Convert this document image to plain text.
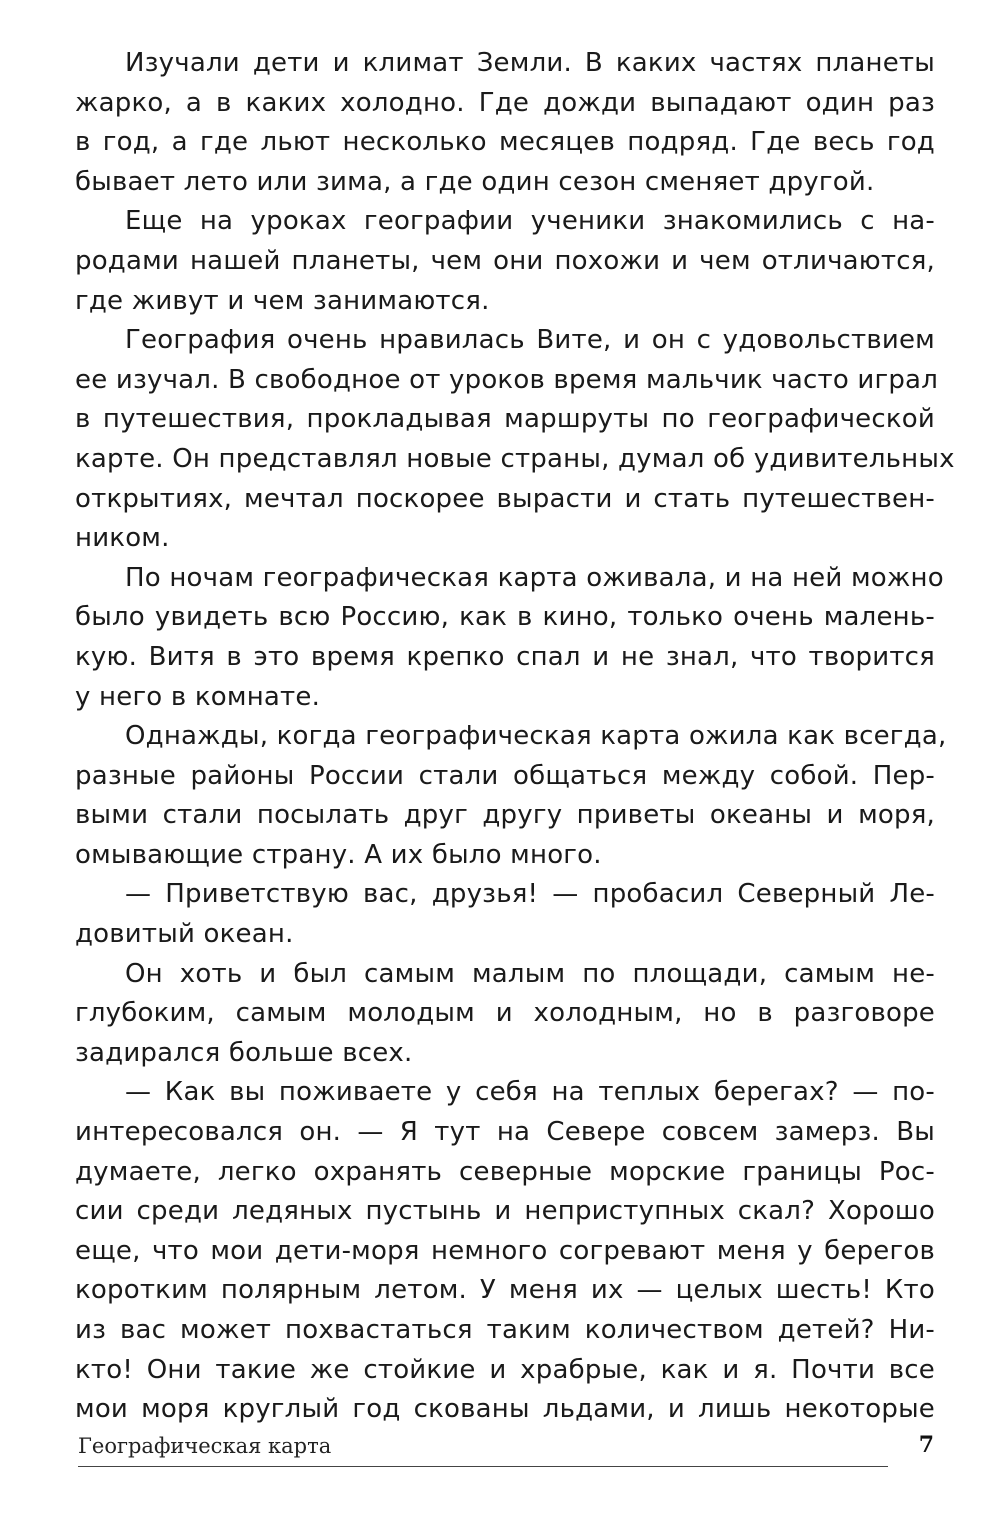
Изучали дети и климат Земли. В каких частях планеты
жарко, а в каких холодно. Где дожди выпадают один раз
в год, а где льют несколько месяцев подряд. Где весь год
бывает лето или зима, а где один сезон сменяет другой.
Еще на уроках географии ученики знакомились с на-
родами нашей планеты, чем они похожи и чем отличаются,
где живут и чем занимаются.
География очень нравилась Вите, и он с удовольствием
ее изучал. В свободное от уроков время мальчик часто играл
в путешествия, прокладывая маршруты по географической
карте. Он представлял новые страны, думал об удивительных
открытиях, мечтал поскорее вырасти и стать путешествен-
ником.
По ночам географическая карта оживала, и на ней можно
было увидеть всю Россию, как в кино, только очень малень-
кую. Витя в это время крепко спал и не знал, что творится
у него в комнате.
Однажды, когда географическая карта ожила как всегда,
разные районы России стали общаться между собой. Пер-
выми стали посылать друг другу приветы океаны и моря,
омывающие страну. А их было много.
— Приветствую вас, друзья! — пробасил Северный Ле-
довитый океан.
Он хоть и был самым малым по площади, самым не-
глубоким, самым молодым и холодным, но в разговоре
задирался больше всех.
— Как вы поживаете у себя на теплых берегах? — по-
интересовался он. — Я тут на Севере совсем замерз. Вы
думаете, легко охранять северные морские границы Рос-
сии среди ледяных пустынь и неприступных скал? Хорошо
еще, что мои дети-моря немного согревают меня у берегов
коротким полярным летом. У меня их — целых шесть! Кто
из вас может похвастаться таким количеством детей? Ни-
кто! Они такие же стойкие и храбрые, как и я. Почти все
мои моря круглый год скованы льдами, и лишь некоторые
Географическая карта	7
